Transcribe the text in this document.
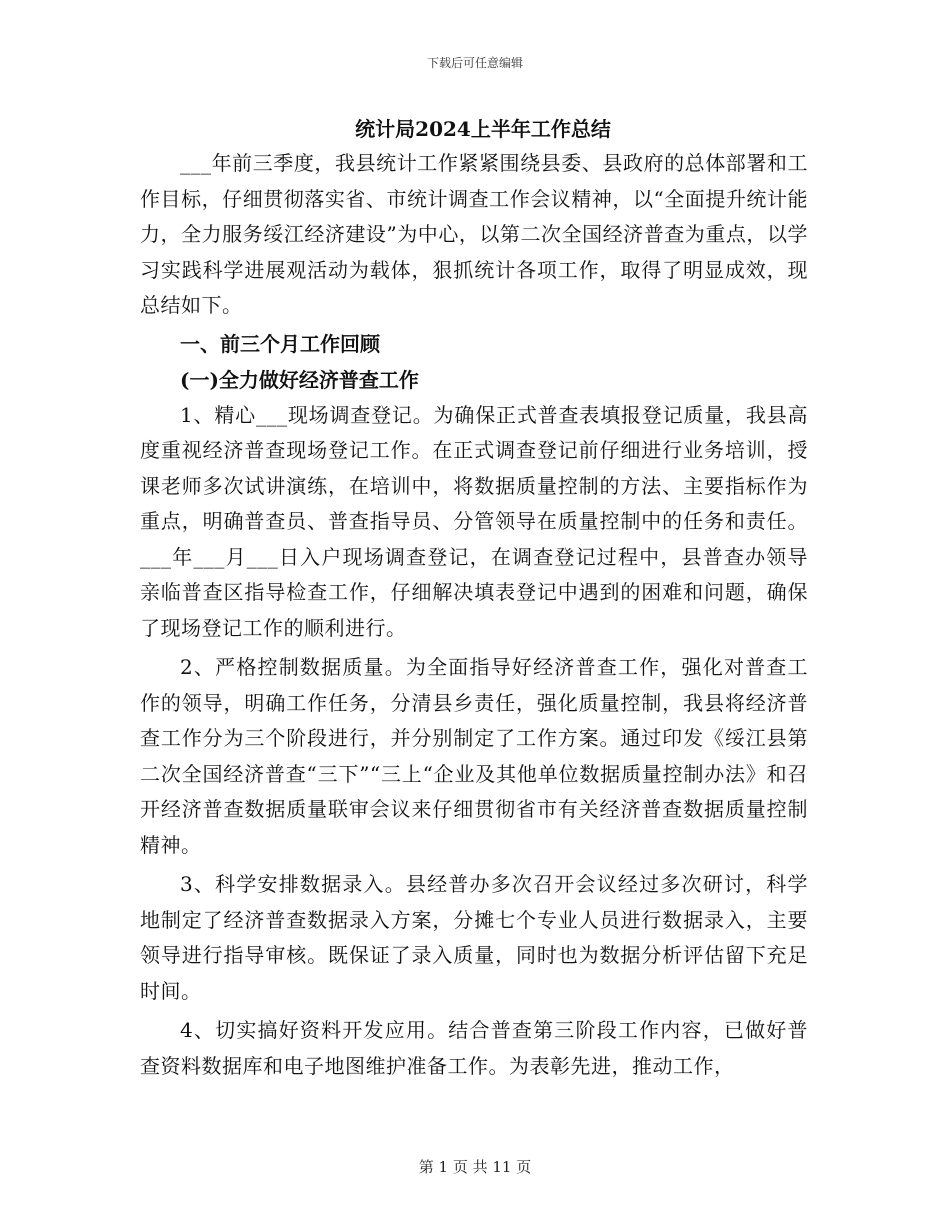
下载后可任意编辑
统计局2024上半年工作总结

___年前三季度，我县统计工作紧紧围绕县委、县政府的总体部署和工作目标，仔细贯彻落实省、市统计调查工作会议精神，以“全面提升统计能力，全力服务绥江经济建设”为中心，以第二次全国经济普查为重点，以学习实践科学进展观活动为载体，狠抓统计各项工作，取得了明显成效，现总结如下。

一、前三个月工作回顾

(一)全力做好经济普查工作

1、精心___现场调查登记。为确保正式普查表填报登记质量，我县高度重视经济普查现场登记工作。在正式调查登记前仔细进行业务培训，授课老师多次试讲演练，在培训中，将数据质量控制的方法、主要指标作为重点，明确普查员、普查指导员、分管领导在质量控制中的任务和责任。___年___月___日入户现场调查登记，在调查登记过程中，县普查办领导亲临普查区指导检查工作，仔细解决填表登记中遇到的困难和问题，确保了现场登记工作的顺利进行。

2、严格控制数据质量。为全面指导好经济普查工作，强化对普查工作的领导，明确工作任务，分清县乡责任，强化质量控制，我县将经济普查工作分为三个阶段进行，并分别制定了工作方案。通过印发《绥江县第二次全国经济普查“三下”“三上“企业及其他单位数据质量控制办法》和召开经济普查数据质量联审会议来仔细贯彻省市有关经济普查数据质量控制精神。

3、科学安排数据录入。县经普办多次召开会议经过多次研讨，科学地制定了经济普查数据录入方案，分摊七个专业人员进行数据录入，主要领导进行指导审核。既保证了录入质量，同时也为数据分析评估留下充足时间。

4、切实搞好资料开发应用。结合普查第三阶段工作内容，已做好普查资料数据库和电子地图维护准备工作。为表彰先进，推动工作，

第 1 页 共 11 页
